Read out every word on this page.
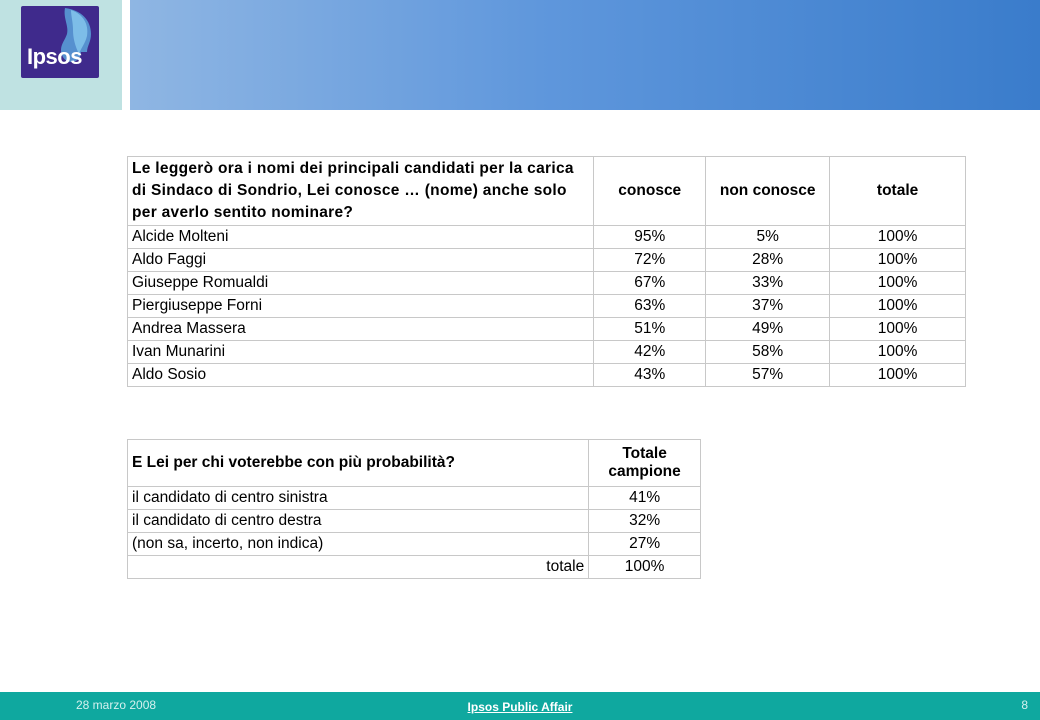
Ipsos
Le leggerò ora i nomi dei principali candidati per la carica di Sindaco di Sondrio, Lei conosce … (nome) anche solo per averlo sentito nominare?	conosce	non conosce	totale
Alcide Molteni	95%	5%	100%
Aldo Faggi	72%	28%	100%
Giuseppe Romualdi	67%	33%	100%
Piergiuseppe Forni	63%	37%	100%
Andrea Massera	51%	49%	100%
Ivan Munarini	42%	58%	100%
Aldo Sosio	43%	57%	100%
E Lei per chi voterebbe con più probabilità?	Totale
campione

il candidato di centro sinistra	41%
il candidato di centro destra	32%
(non sa, incerto, non indica)	27%
totale	100%
28 marzo 2008	Ipsos Public Affair	8
